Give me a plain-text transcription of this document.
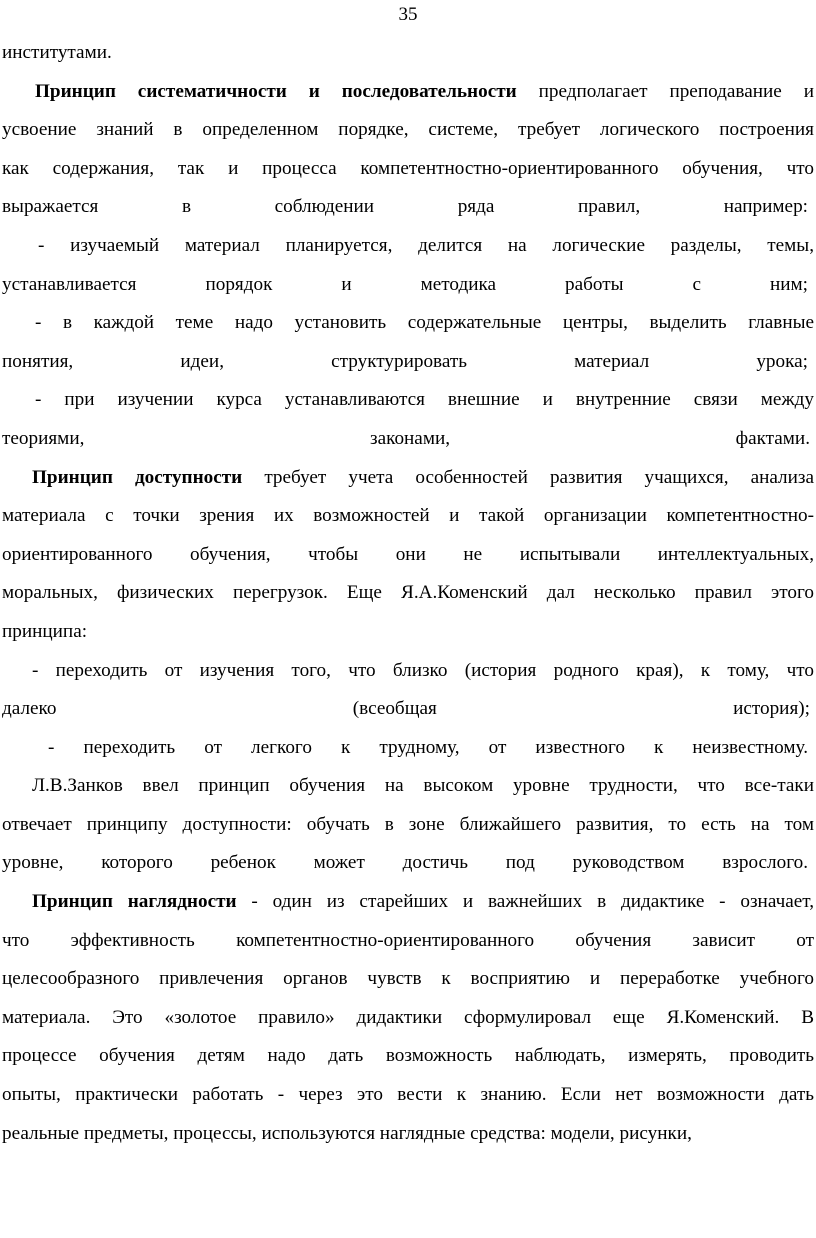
35
институтами.
Принцип систематичности и последовательности предполагает преподавание и
усвоение знаний в определенном порядке, системе, требует логического построения
как содержания, так и процесса компетентностно-ориентированного обучения, что
выражается в соблюдении ряда правил, например:
- изучаемый материал планируется, делится на логические разделы, темы,
устанавливается порядок и методика работы с ним;
- в каждой теме надо установить содержательные центры, выделить главные
понятия, идеи, структурировать материал урока;
- при изучении курса устанавливаются внешние и внутренние связи между
теориями, законами, фактами.
Принцип доступности требует учета особенностей развития учащихся, анализа
материала с точки зрения их возможностей и такой организации компетентностно-
ориентированного обучения, чтобы они не испытывали интеллектуальных,
моральных, физических перегрузок. Еще Я.А.Коменский дал несколько правил этого
принципа:
- переходить от изучения того, что близко (история родного края), к тому, что
далеко (всеобщая история);
- переходить от легкого к трудному, от известного к неизвестному.
Л.В.Занков ввел принцип обучения на высоком уровне трудности, что все-таки
отвечает принципу доступности: обучать в зоне ближайшего развития, то есть на том
уровне, которого ребенок может достичь под руководством взрослого.
Принцип наглядности - один из старейших и важнейших в дидактике - означает,
что эффективность компетентностно-ориентированного обучения зависит от
целесообразного привлечения органов чувств к восприятию и переработке учебного
материала. Это «золотое правило» дидактики сформулировал еще Я.Коменский. В
процессе обучения детям надо дать возможность наблюдать, измерять, проводить
опыты, практически работать - через это вести к знанию. Если нет возможности дать
реальные предметы, процессы, используются наглядные средства: модели, рисунки,
